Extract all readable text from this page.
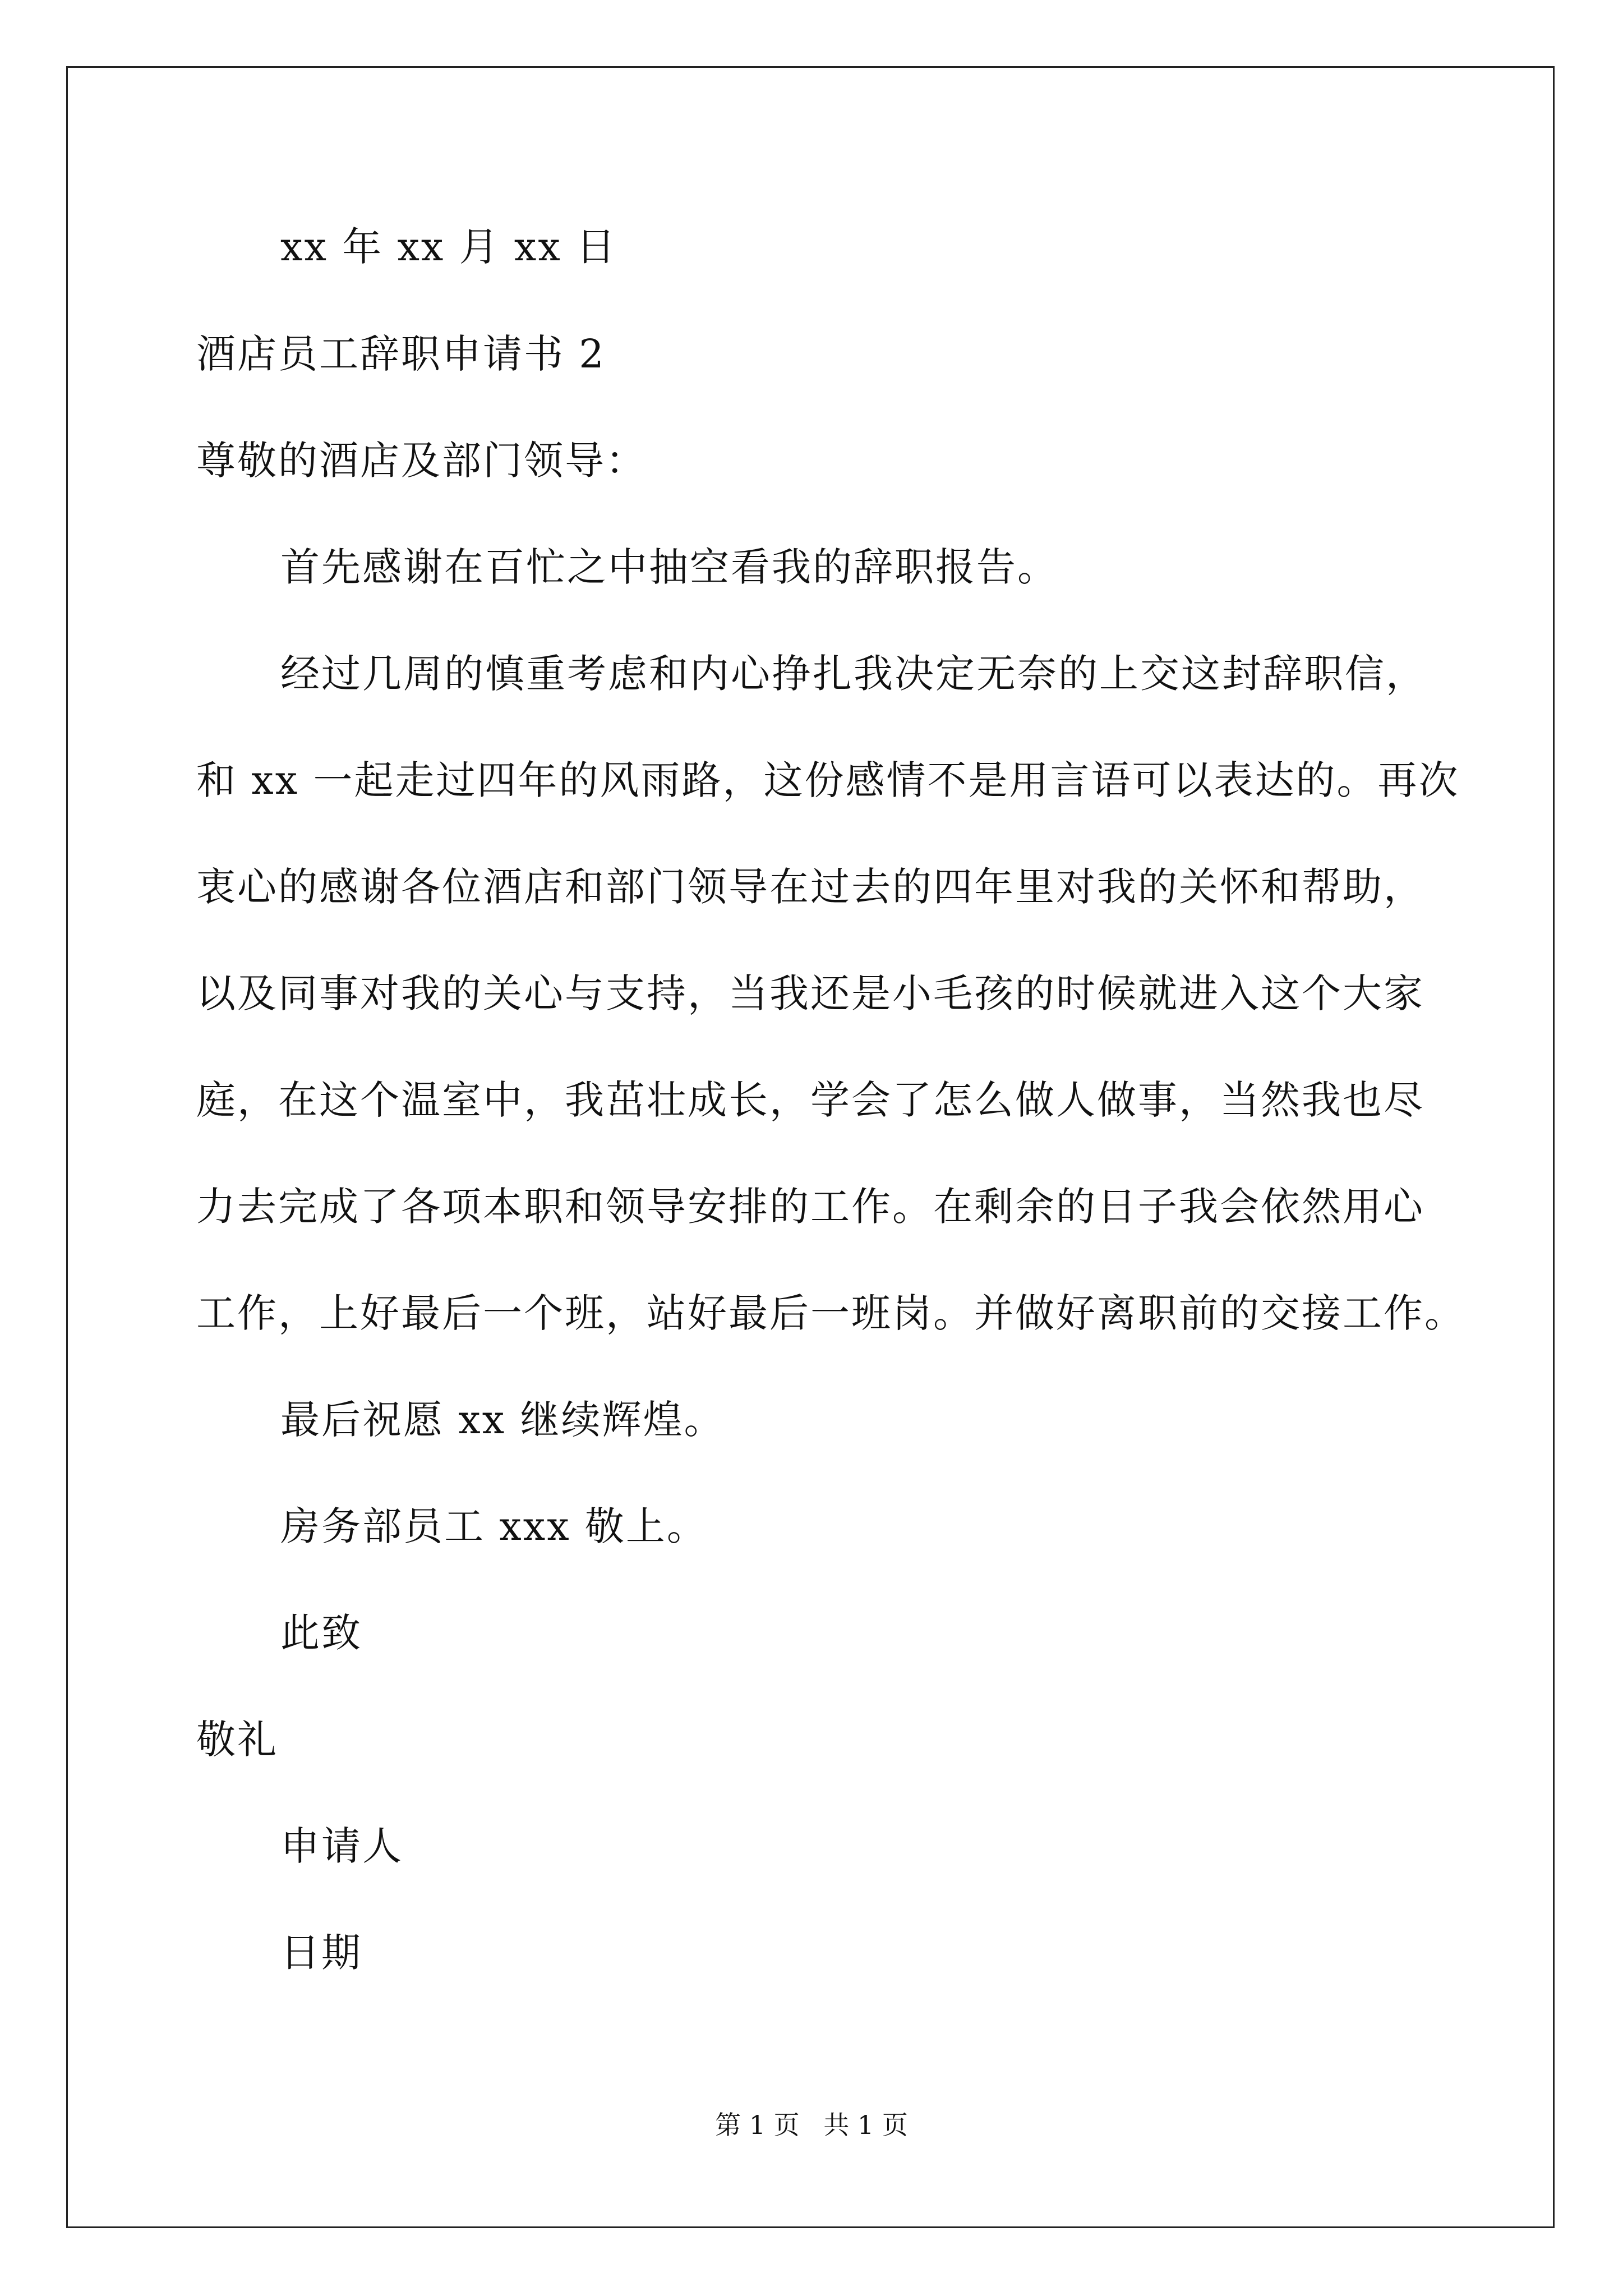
xx 年 xx 月 xx 日
酒店员工辞职申请书 2
尊敬的酒店及部门领导：
首先感谢在百忙之中抽空看我的辞职报告。
经过几周的慎重考虑和内心挣扎我决定无奈的上交这封辞职信，
和 xx 一起走过四年的风雨路，这份感情不是用言语可以表达的。再次
衷心的感谢各位酒店和部门领导在过去的四年里对我的关怀和帮助，
以及同事对我的关心与支持，当我还是小毛孩的时候就进入这个大家
庭，在这个温室中，我茁壮成长，学会了怎么做人做事，当然我也尽
力去完成了各项本职和领导安排的工作。在剩余的日子我会依然用心
工作，上好最后一个班，站好最后一班岗。并做好离职前的交接工作。
最后祝愿 xx 继续辉煌。
房务部员工 xxx 敬上。
此致
敬礼
申请人
日期
第 1 页 共 1 页
